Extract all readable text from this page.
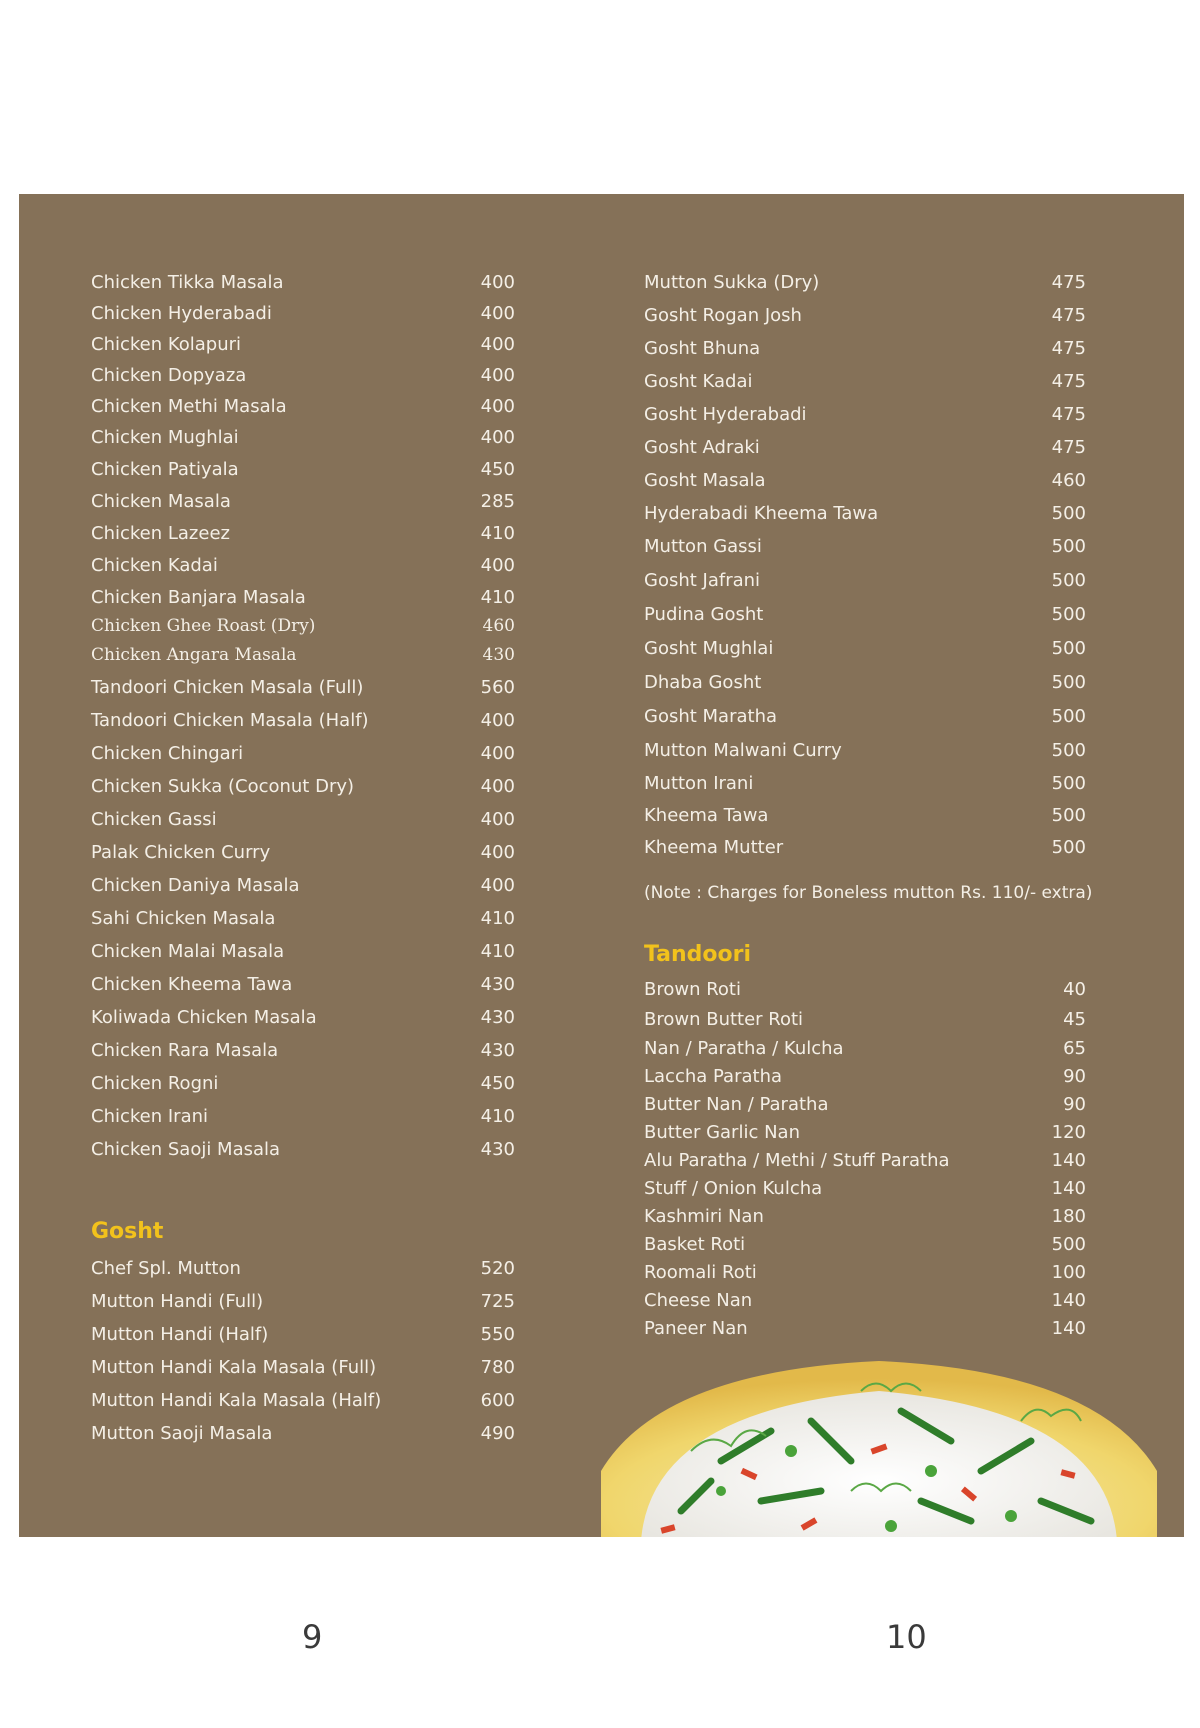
Chicken Tikka Masala	400
Chicken Hyderabadi	400
Chicken Kolapuri	400
Chicken Dopyaza	400
Chicken Methi Masala	400
Chicken Mughlai	400
Chicken Patiyala	450
Chicken Masala	285
Chicken Lazeez	410
Chicken Kadai	400
Chicken Banjara Masala	410
Chicken Ghee Roast (Dry)	460
Chicken Angara Masala	430
Tandoori Chicken Masala (Full)	560
Tandoori Chicken Masala (Half)	400
Chicken Chingari	400
Chicken Sukka (Coconut Dry)	400
Chicken Gassi	400
Palak Chicken Curry	400
Chicken Daniya Masala	400
Sahi Chicken Masala	410
Chicken Malai Masala	410
Chicken Kheema Tawa	430
Koliwada Chicken Masala	430
Chicken Rara Masala	430
Chicken Rogni	450
Chicken Irani	410
Chicken Saoji Masala	430
Gosht
Chef Spl. Mutton	520
Mutton Handi (Full)	725
Mutton Handi (Half)	550
Mutton Handi Kala Masala (Full)	780
Mutton Handi Kala Masala (Half)	600
Mutton Saoji Masala	490
Mutton Sukka (Dry)	475
Gosht Rogan Josh	475
Gosht Bhuna	475
Gosht Kadai	475
Gosht Hyderabadi	475
Gosht Adraki	475
Gosht Masala	460
Hyderabadi Kheema Tawa	500
Mutton Gassi	500
Gosht Jafrani	500
Pudina Gosht	500
Gosht Mughlai	500
Dhaba Gosht	500
Gosht Maratha	500
Mutton Malwani Curry	500
Mutton Irani	500
Kheema Tawa	500
Kheema Mutter	500
(Note : Charges for Boneless mutton Rs. 110/- extra)
Tandoori
Brown Roti	40
Brown Butter Roti	45
Nan / Paratha / Kulcha	65
Laccha Paratha	90
Butter Nan / Paratha	90
Butter Garlic Nan	120
Alu Paratha / Methi / Stuff Paratha	140
Stuff / Onion Kulcha	140
Kashmiri Nan	180
Basket Roti	500
Roomali Roti	100
Cheese Nan	140
Paneer Nan	140
9	10
